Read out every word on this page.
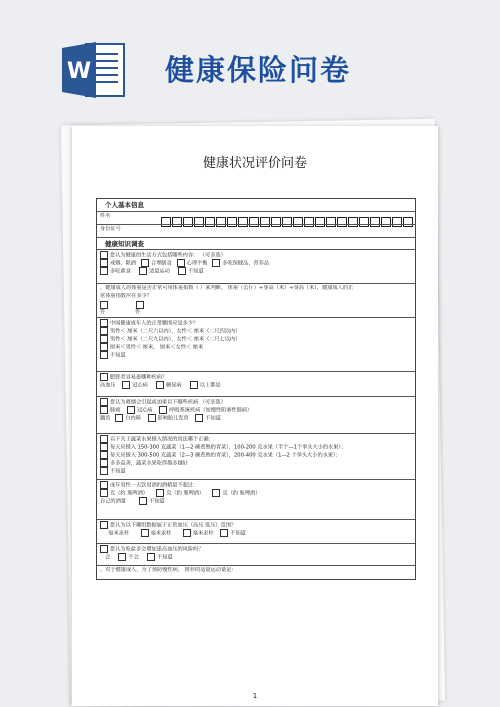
W	健康保险问卷
健康状况评价问卷
个人基本信息
姓名
身份证号
健康知识调查
您认为健康的生活方式包括哪些内容： （可多选）
戒烟、限酒	合理膳食	心理平衡	多吃保健品、营养品
多吃素食	适量运动	不知道
、健康成人的体重是否正常可用体重指数（ ）来判断。 体重（公斤）÷身高（米）÷身高（米），健康成人的正
常体重指数应在多少？

答	答
中国健康成年人的正常腰围应是多少？
男性＜ 厘米（二尺六以内），女性＜ 厘米（二尺四以内）
男性＜ 厘米（二尺九以内），女性＜ 厘米（二尺七以内）
厘米＜男性＜ 厘米， 厘米＜女性＜ 厘米
不知道
肥胖者容易患哪种疾病？
高血压	冠心病	糖尿病	以上都是
您认为吸烟会引起或加重以下哪些疾病 （可多选）
肺癌	冠心病	呼吸系统疾病（如慢性阻塞性肺病）
龋齿	白内障	影响胎儿发育	不知道
以下关于蔬菜水果摄入情况的说法哪个正确：
每天应摄入 150-300 克蔬菜（1—2 碗煮熟的青菜），100-200 克水果（半个—1个拳头大小的水果）；
每天应摄入 300-500 克蔬菜（2—3 碗煮熟的青菜），200-400 克水果（1—2 个拳头大小的水果）；
多多益善，蔬菜水果吃得越多越好
不知道
成年男性一天饮用酒的酒精量不超过：
克（约 瓶啤酒）	克（约 瓶啤酒）	克（约 瓶啤酒）
自己的酒量	不知道
您认为以下哪组数据属于正常血压（高压 低压）范围？
毫米汞柱	毫米汞柱	毫米汞柱	不知道
您认为吃盐多会增加患高血压的风险吗？
会	不会	不知道
、对于健康成人，为了预防慢性病， 推荐的适量运动量是：
1
